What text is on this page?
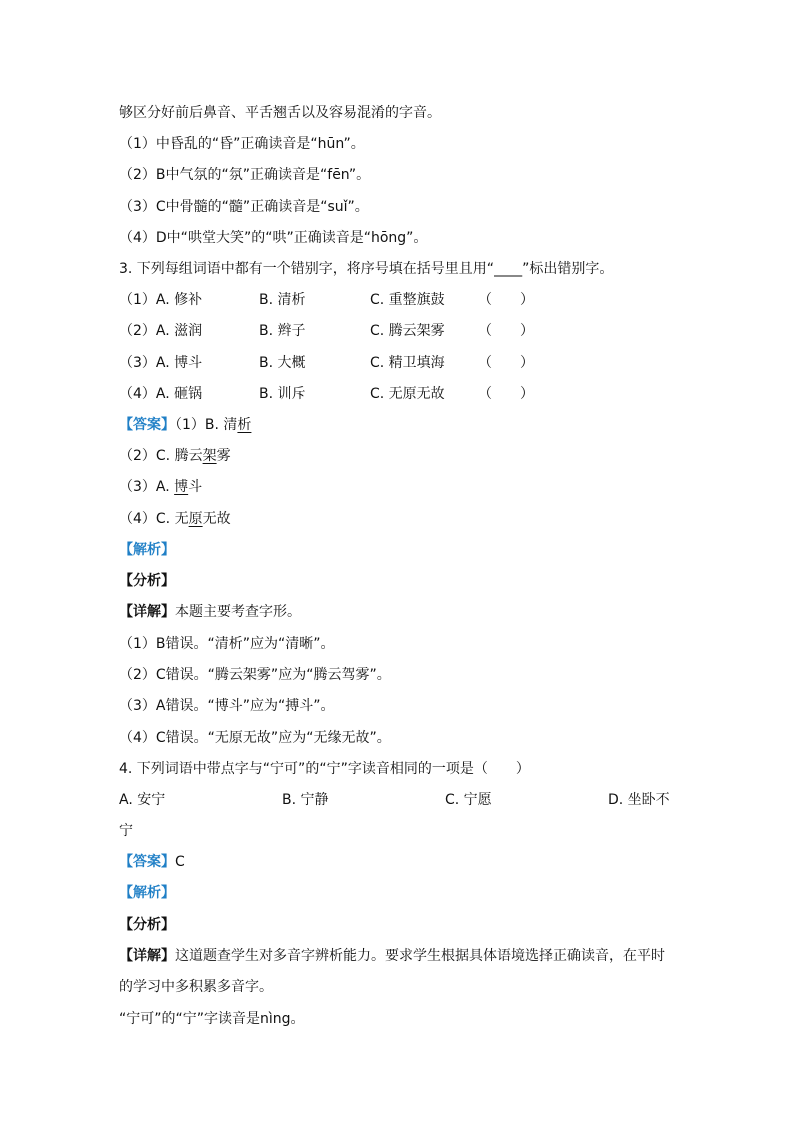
够区分好前后鼻音、平舌翘舌以及容易混淆的字音。
（1）中昏乱的“昏”正确读音是“hūn”。
（2）B中气氛的“氛”正确读音是“fēn”。
（3）C中骨髓的“髓”正确读音是“suǐ”。
（4）D中“哄堂大笑”的“哄”正确读音是“hōng”。
3. 下列每组词语中都有一个错别字，将序号填在括号里且用“____”标出错别字。
（1）A. 修补	B. 清析	C. 重整旗鼓 （　　）
（2）A. 滋润	B. 辫子	C. 腾云架雾 （　　）
（3）A. 博斗	B. 大概	C. 精卫填海 （　　）
（4）A. 砸锅	B. 训斥	C. 无原无故 （　　）
【答案】（1）B. 清析
（2）C. 腾云架雾
（3）A. 博斗
（4）C. 无原无故
【解析】
【分析】
【详解】本题主要考查字形。
（1）B错误。“清析”应为“清晰”。
（2）C错误。“腾云架雾”应为“腾云驾雾”。
（3）A错误。“博斗”应为“搏斗”。
（4）C错误。“无原无故”应为“无缘无故”。
4. 下列词语中带点字与“宁可”的“宁”字读音相同的一项是（　　）
A. 安宁	B. 宁静	C. 宁愿	D. 坐卧不
宁
【答案】C
【解析】
【分析】
【详解】这道题查学生对多音字辨析能力。要求学生根据具体语境选择正确读音，在平时
的学习中多积累多音字。
“宁可”的“宁”字读音是nìng。
